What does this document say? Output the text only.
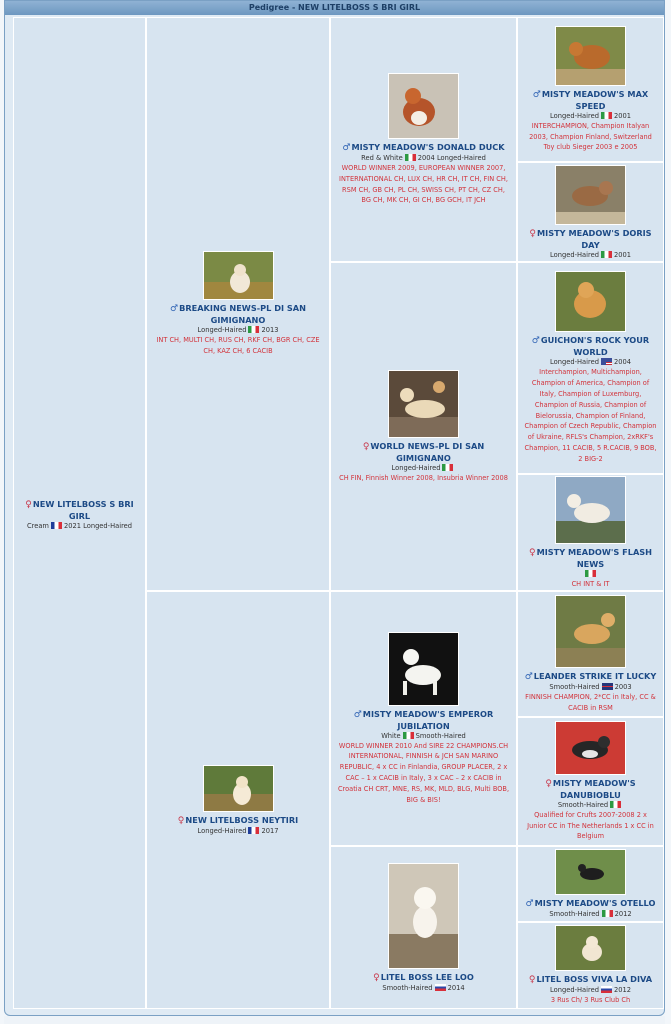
Pedigree - NEW LITELBOSS S BRI GIRL
♀NEW LITELBOSS S BRI GIRL
Cream 2021 Longed-Haired
♂BREAKING NEWS-PL DI SAN GIMIGNANO
Longed-Haired 2013
INT CH, MULTI CH, RUS CH, RKF CH, BGR CH, CZE CH, KAZ CH, 6 CACIB
♀NEW LITELBOSS NEYTIRI
Longed-Haired 2017
♂MISTY MEADOW'S DONALD DUCK
Red & White 2004 Longed-Haired
WORLD WINNER 2009, EUROPEAN WINNER 2007, INTERNATIONAL CH, LUX CH, HR CH, IT CH, FIN CH, RSM CH, GB CH, PL CH, SWISS CH, PT CH, CZ CH, BG CH, MK CH, GI CH, BG GCH, IT JCH
♀WORLD NEWS-PL DI SAN GIMIGNANO
Longed-Haired
CH FIN, Finnish Winner 2008, Insubria Winner 2008
♂MISTY MEADOW'S EMPEROR JUBILATION
White Smooth-Haired
WORLD WINNER 2010 And SIRE 22 CHAMPIONS.CH INTERNATIONAL, FINNISH & JCH SAN MARINO REPUBLIC, 4 x CC in Finlandia, GROUP PLACER, 2 x CAC – 1 x CACIB in Italy, 3 x CAC – 2 x CACIB in Croatia CH CRT, MNE, RS, MK, MLD, BLG, Multi BOB, BIG & BIS!
♀LITEL BOSS LEE LOO
Smooth-Haired 2014
♂MISTY MEADOW'S MAX SPEED
Longed-Haired 2001
INTERCHAMPION, Champion Italyan 2003, Champion Finland, Switzerland Toy club Sieger 2003 e 2005
♀MISTY MEADOW'S DORIS DAY
Longed-Haired 2001
♂GUICHON'S ROCK YOUR WORLD
Longed-Haired 2004
Interchampion, Multichampion, Champion of America, Champion of Italy, Champion of Luxemburg, Champion of Russia, Champion of Bielorussia, Champion of Finland, Champion of Czech Republic, Champion of Ukraine, RFLS's Champion, 2xRKF's Champion, 11 CACIB, 5 R.CACIB, 9 BOB, 2 BIG-2
♀MISTY MEADOW'S FLASH NEWS
CH INT & IT
♂LEANDER STRIKE IT LUCKY
Smooth-Haired 2003
FINNISH CHAMPION, 2*CC in Italy, CC & CACIB in RSM
♀MISTY MEADOW'S DANUBIOBLU
Smooth-Haired
Qualified for Crufts 2007-2008 2 x Junior CC in The Netherlands 1 x CC in Belgium
♂MISTY MEADOW'S OTELLO
Smooth-Haired 2012
♀LITEL BOSS VIVA LA DIVA
Longed-Haired 2012
3 Rus Ch/ 3 Rus Club Ch
